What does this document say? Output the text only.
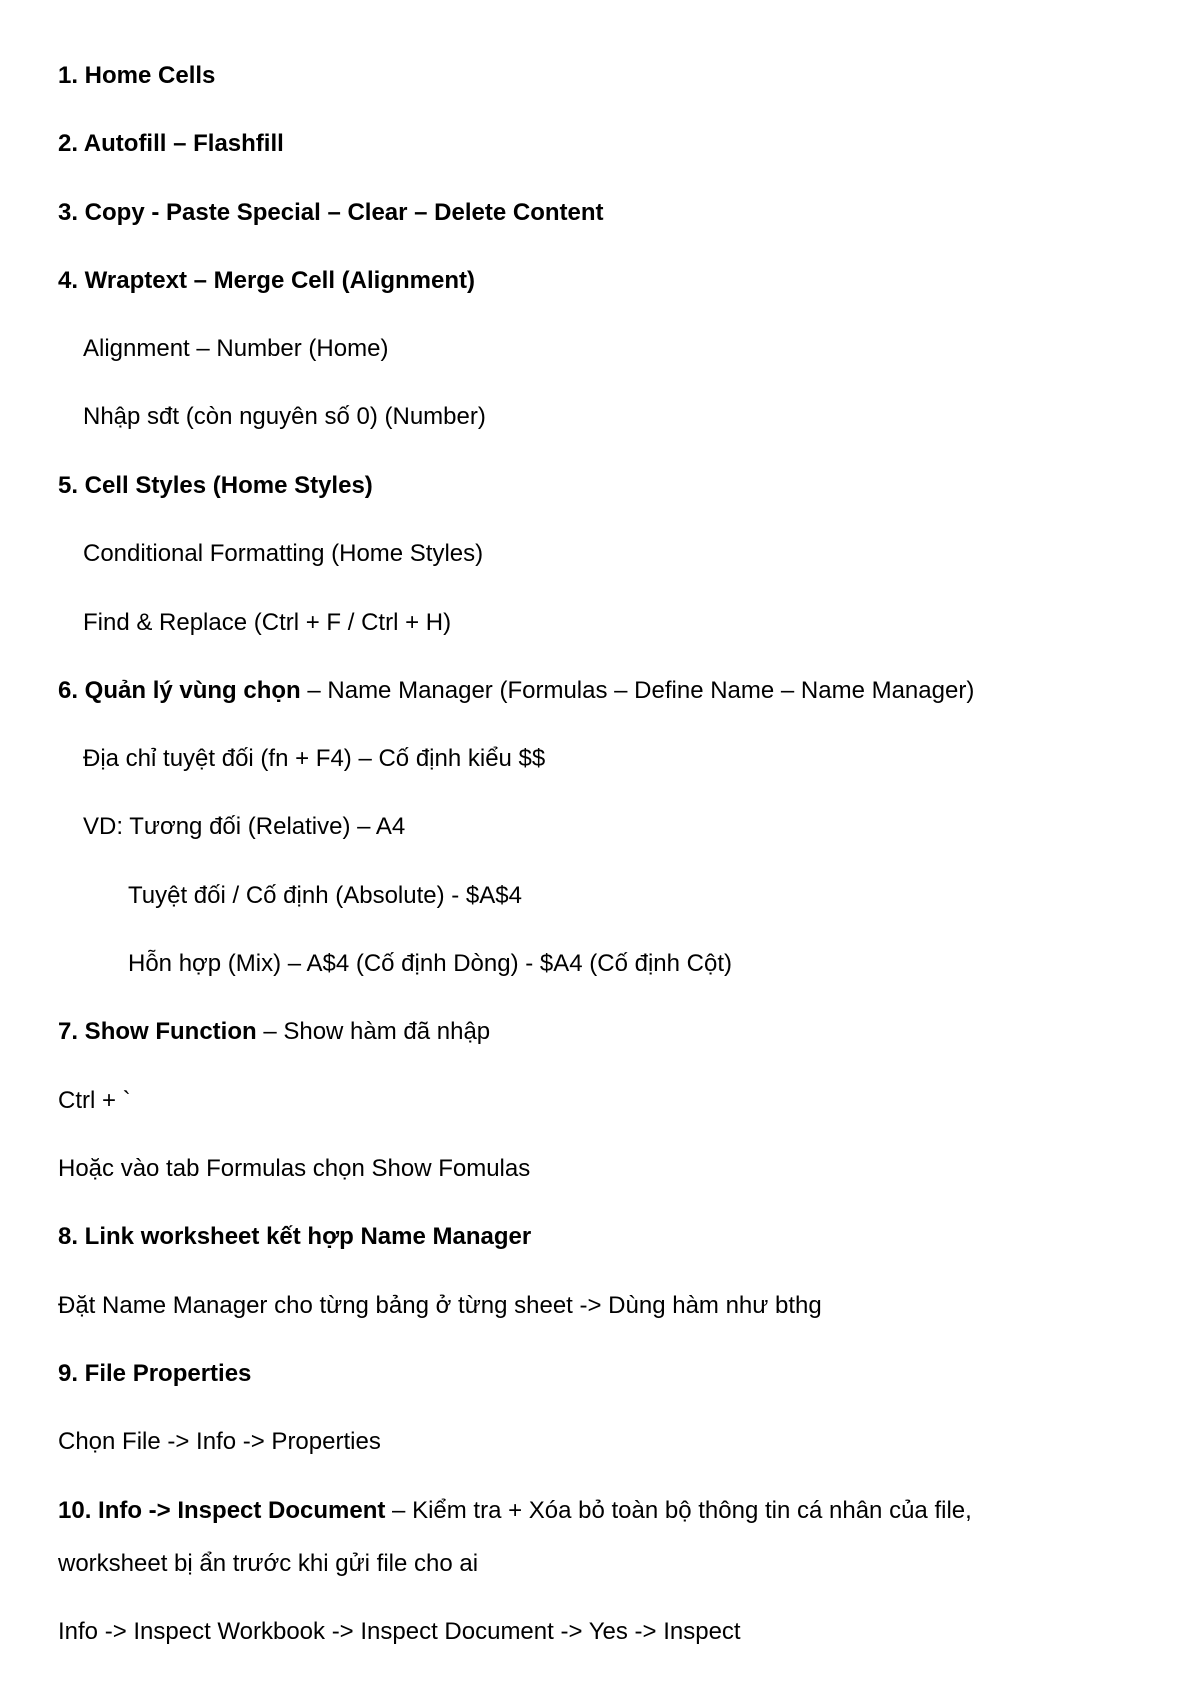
1. Home Cells
2. Autofill – Flashfill
3. Copy - Paste Special – Clear – Delete Content
4. Wraptext – Merge Cell (Alignment)
Alignment – Number (Home)
Nhập sđt (còn nguyên số 0) (Number)
5. Cell Styles (Home Styles)
Conditional Formatting (Home Styles)
Find & Replace (Ctrl + F / Ctrl + H)
6. Quản lý vùng chọn – Name Manager (Formulas – Define Name – Name Manager)
Địa chỉ tuyệt đối (fn + F4) – Cố định kiểu $$
VD: Tương đối (Relative) – A4
Tuyệt đối / Cố định (Absolute) - $A$4
Hỗn hợp (Mix) – A$4 (Cố định Dòng) - $A4 (Cố định Cột)
7. Show Function – Show hàm đã nhập
Ctrl + `
Hoặc vào tab Formulas chọn Show Fomulas
8. Link worksheet kết hợp Name Manager
Đặt Name Manager cho từng bảng ở từng sheet -> Dùng hàm như bthg
9. File Properties
Chọn File -> Info -> Properties
10. Info -> Inspect Document – Kiểm tra + Xóa bỏ toàn bộ thông tin cá nhân của file,
worksheet bị ẩn trước khi gửi file cho ai
Info -> Inspect Workbook -> Inspect Document -> Yes -> Inspect
